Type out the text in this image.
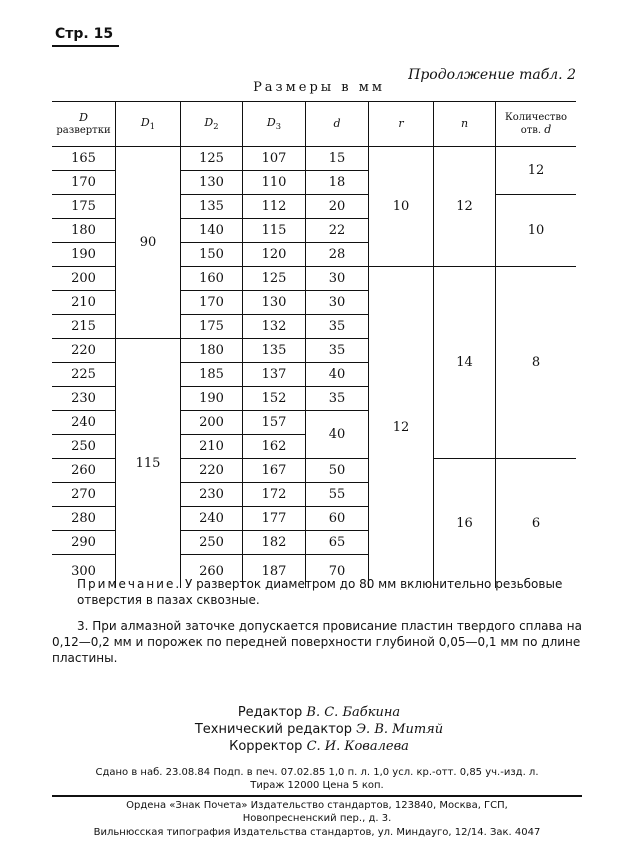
Стр. 15
Продолжение табл. 2
Размеры в мм
D
развертки	$D_1$	$D_2$	$D_3$	d	r	n	Количество
отв. d
165	90	125	107	15	10	12	12
170		130	110	18			
175		135	112	20			10
180		140	115	22			
190		150	120	28			
200		160	125	30	12	14	8
210		170	130	30			
215		175	132	35			
220	115	180	135	35			
225		185	137	40			
230		190	152	35			
240		200	157	40			
250		210	162				
260		220	167	50		16	6
270		230	172	55			
280		240	177	60			
290		250	182	65			
300		260	187	70			
Примечание. У разверток диаметром до 80 мм включительно резьбовые отверстия в пазах сквозные.
3. При алмазной заточке допускается провисание пластин твердого сплава на 0,12—0,2 мм и порожек по передней поверхности глубиной 0,05—0,1 мм по длине пластины.
Редактор В. С. Бабкина
Технический редактор Э. В. Митяй
Корректор С. И. Ковалева
Сдано в наб. 23.08.84 Подп. в печ. 07.02.85 1,0 п. л. 1,0 усл. кр.-отт. 0,85 уч.-изд. л.
Тираж 12000 Цена 5 коп.
Ордена «Знак Почета» Издательство стандартов, 123840, Москва, ГСП,
Новопресненский пер., д. 3.
Вильнюсская типография Издательства стандартов, ул. Миндауго, 12/14. Зак. 4047
